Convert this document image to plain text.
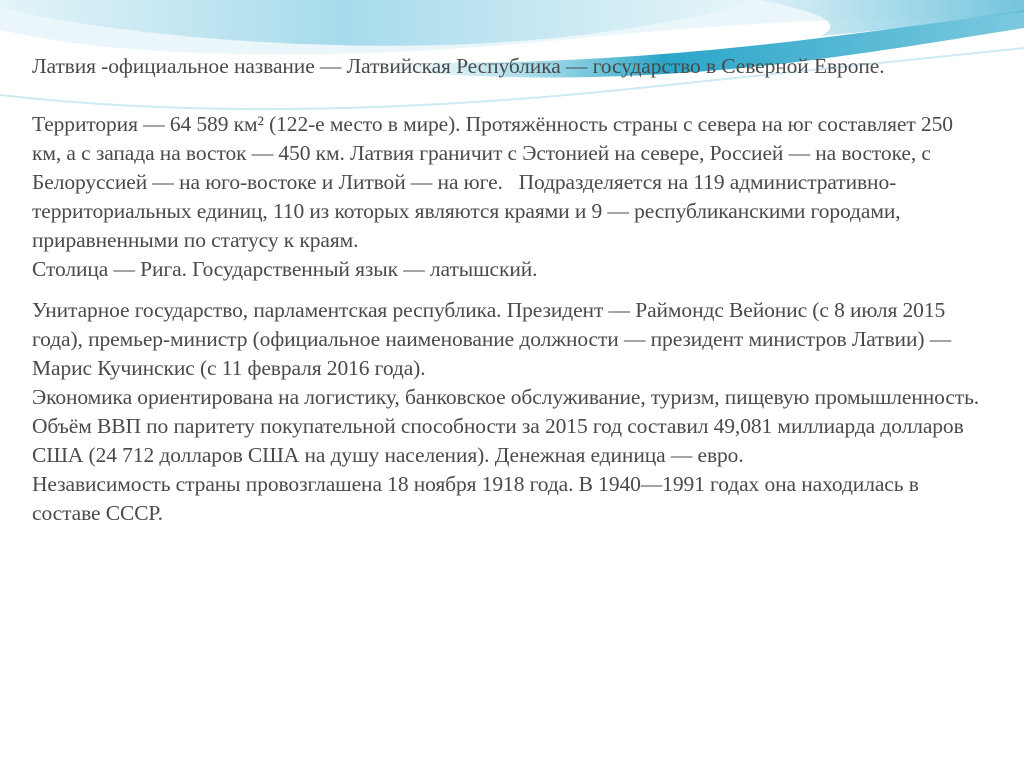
Латвия -официальное название — Латвийская Республика — государство в Северной Европе.

Территория — 64 589 км² (122-е место в мире). Протяжённость страны с севера на юг составляет 250 км, а с запада на восток — 450 км. Латвия граничит с Эстонией на севере, Россией — на востоке, с Белоруссией — на юго-востоке и Литвой — на юге.   Подразделяется на 119 административно-территориальных единиц, 110 из которых являются краями и 9 — республиканскими городами, приравненными по статусу к краям.

Столица — Рига. Государственный язык — латышский.

Унитарное государство, парламентская республика. Президент — Раймондс Вейонис (с 8 июля 2015 года), премьер-министр (официальное наименование должности — президент министров Латвии) — Марис Кучинскис (с 11 февраля 2016 года).

Экономика ориентирована на логистику, банковское обслуживание, туризм, пищевую промышленность. Объём ВВП по паритету покупательной способности за 2015 год составил 49,081 миллиарда долларов США (24 712 долларов США на душу населения). Денежная единица — евро.

Независимость страны провозглашена 18 ноября 1918 года. В 1940—1991 годах она находилась в составе СССР.
